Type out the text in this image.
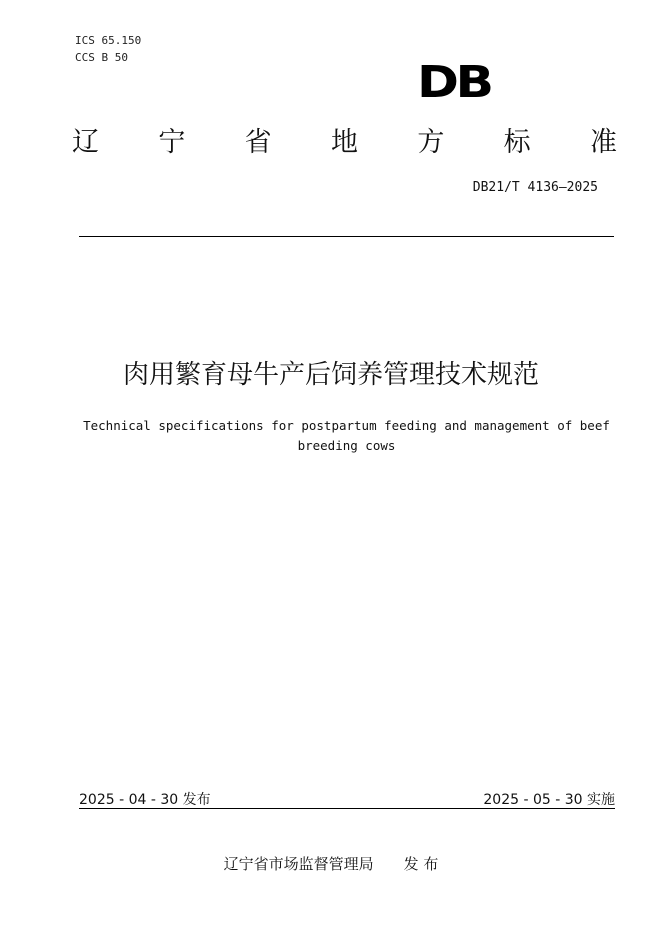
ICS 65.150
CCS B 50	DB
辽 宁 省 地 方 标 准
DB21/T 4136—2025
肉用繁育母牛产后饲养管理技术规范
Technical specifications for postpartum feeding and management of beef breeding cows
2025 - 04 - 30 发布	2025 - 05 - 30 实施
辽宁省市场监督管理局 发 布
